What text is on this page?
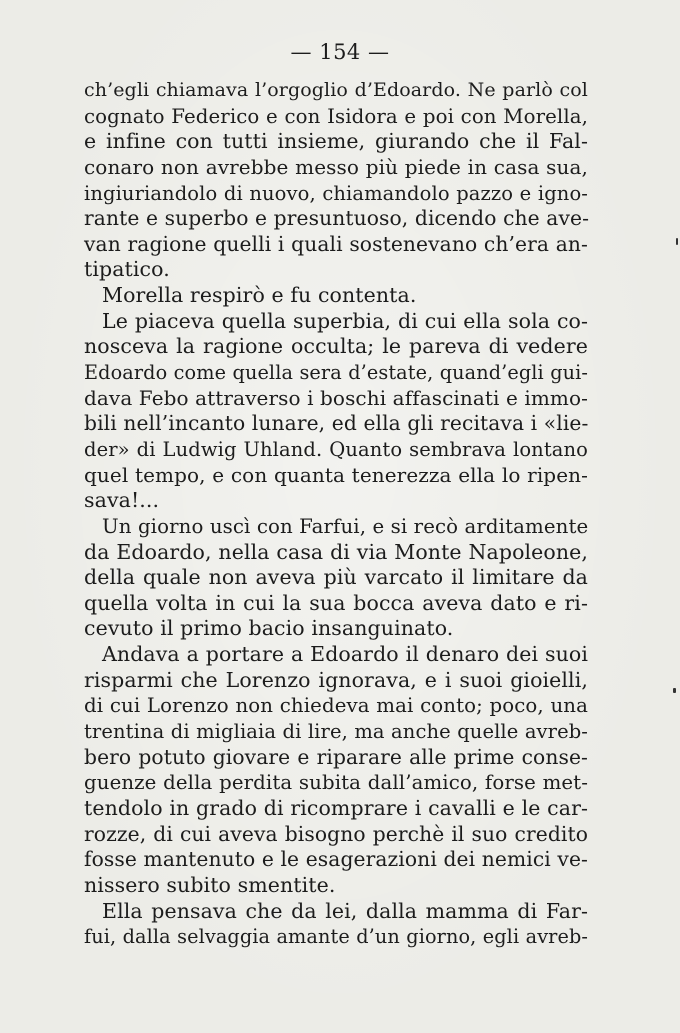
— 154 —
ch’egli chiamava l’orgoglio d’Edoardo. Ne parlò col
cognato Federico e con Isidora e poi con Morella,
e infine con tutti insieme, giurando che il Fal-
conaro non avrebbe messo più piede in casa sua,
ingiuriandolo di nuovo, chiamandolo pazzo e igno-
rante e superbo e presuntuoso, dicendo che ave-
van ragione quelli i quali sostenevano ch’era an-
tipatico.
Morella respirò e fu contenta.
Le piaceva quella superbia, di cui ella sola co-
nosceva la ragione occulta; le pareva di vedere
Edoardo come quella sera d’estate, quand’egli gui-
dava Febo attraverso i boschi affascinati e immo-
bili nell’incanto lunare, ed ella gli recitava i «lie-
der» di Ludwig Uhland. Quanto sembrava lontano
quel tempo, e con quanta tenerezza ella lo ripen-
sava!...
Un giorno uscì con Farfui, e si recò arditamente
da Edoardo, nella casa di via Monte Napoleone,
della quale non aveva più varcato il limitare da
quella volta in cui la sua bocca aveva dato e ri-
cevuto il primo bacio insanguinato.
Andava a portare a Edoardo il denaro dei suoi
risparmi che Lorenzo ignorava, e i suoi gioielli,
di cui Lorenzo non chiedeva mai conto; poco, una
trentina di migliaia di lire, ma anche quelle avreb-
bero potuto giovare e riparare alle prime conse-
guenze della perdita subita dall’amico, forse met-
tendolo in grado di ricomprare i cavalli e le car-
rozze, di cui aveva bisogno perchè il suo credito
fosse mantenuto e le esagerazioni dei nemici ve-
nissero subito smentite.
Ella pensava che da lei, dalla mamma di Far-
fui, dalla selvaggia amante d’un giorno, egli avreb-
